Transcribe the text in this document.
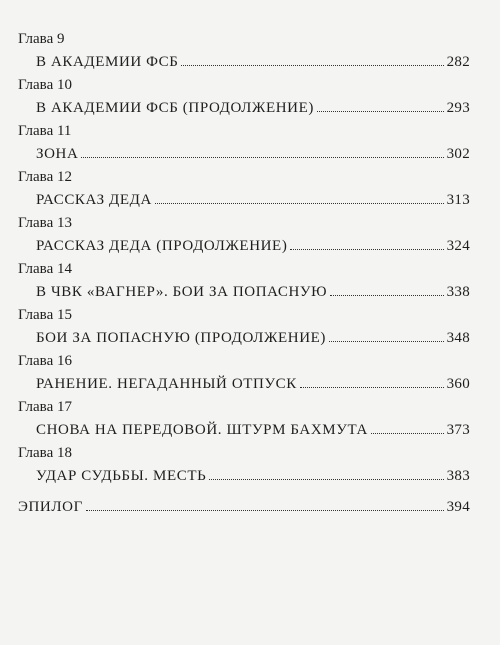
Глава 9
В АКАДЕМИИ ФСБ	282
Глава 10
В АКАДЕМИИ ФСБ (ПРОДОЛЖЕНИЕ)	293
Глава 11
ЗОНА	302
Глава 12
РАССКАЗ ДЕДА	313
Глава 13
РАССКАЗ ДЕДА (ПРОДОЛЖЕНИЕ)	324
Глава 14
В ЧВК «ВАГНЕР». БОИ ЗА ПОПАСНУЮ	338
Глава 15
БОИ ЗА ПОПАСНУЮ (ПРОДОЛЖЕНИЕ)	348
Глава 16
РАНЕНИЕ. НЕГАДАННЫЙ ОТПУСК	360
Глава 17
СНОВА НА ПЕРЕДОВОЙ. ШТУРМ БАХМУТА	373
Глава 18
УДАР СУДЬБЫ. МЕСТЬ	383
ЭПИЛОГ	394
